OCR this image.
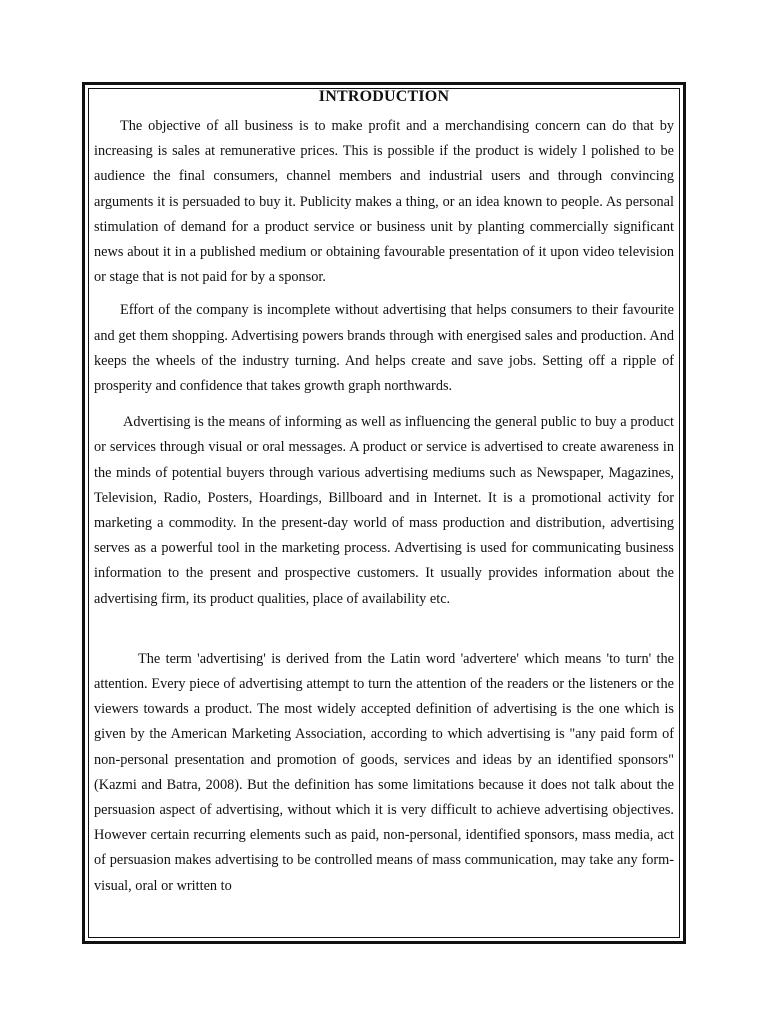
INTRODUCTION

The objective of all business is to make profit and a merchandising concern can do that by increasing is sales at remunerative prices. This is possible if the product is widely l polished to be audience the final consumers, channel members and industrial users and through convincing arguments it is persuaded to buy it. Publicity makes a thing, or an idea known to people. As personal stimulation of demand for a product service or business unit by planting commercially significant news about it in a published medium or obtaining favourable presentation of it upon video television or stage that is not paid for by a sponsor.

Effort of the company is incomplete without advertising that helps consumers to their favourite and get them shopping. Advertising powers brands through with energised sales and production. And keeps the wheels of the industry turning. And helps create and save jobs. Setting off a ripple of prosperity and confidence that takes growth graph northwards.

Advertising is the means of informing as well as influencing the general public to buy a product or services through visual or oral messages. A product or service is advertised to create awareness in the minds of potential buyers through various advertising mediums such as Newspaper, Magazines, Television, Radio, Posters, Hoardings, Billboard and in Internet. It is a promotional activity for marketing a commodity. In the present-day world of mass production and distribution, advertising serves as a powerful tool in the marketing process. Advertising is used for communicating business information to the present and prospective customers. It usually provides information about the advertising firm, its product qualities, place of availability etc.

The term 'advertising' is derived from the Latin word 'advertere' which means 'to turn' the attention. Every piece of advertising attempt to turn the attention of the readers or the listeners or the viewers towards a product. The most widely accepted definition of advertising is the one which is given by the American Marketing Association, according to which advertising is "any paid form of non-personal presentation and promotion of goods, services and ideas by an identified sponsors" (Kazmi and Batra, 2008). But the definition has some limitations because it does not talk about the persuasion aspect of advertising, without which it is very difficult to achieve advertising objectives. However certain recurring elements such as paid, non-personal, identified sponsors, mass media, act of persuasion makes advertising to be controlled means of mass communication, may take any form-visual, oral or written to
